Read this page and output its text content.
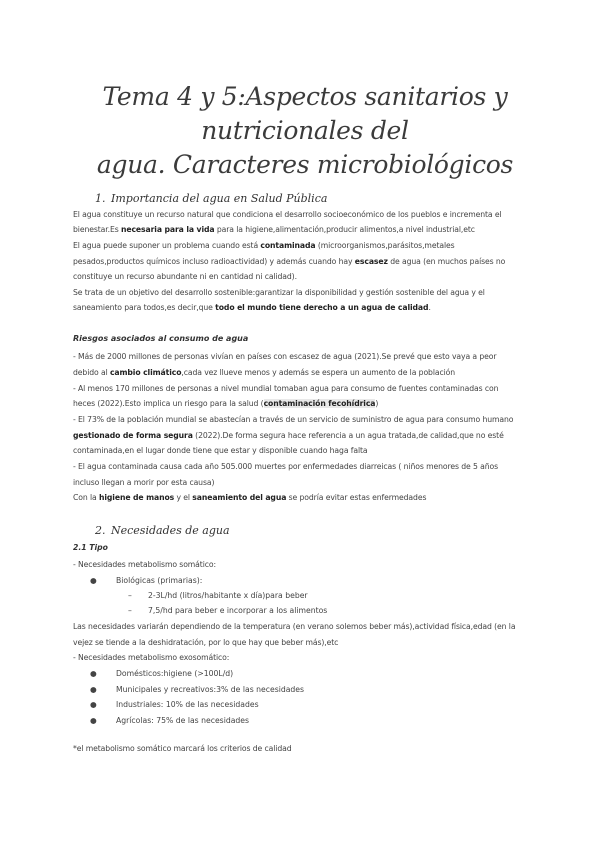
Tema 4 y 5:Aspectos sanitarios y nutricionales del
agua. Caracteres microbiológicos
1. Importancia del agua en Salud Pública
El agua constituye un recurso natural que condiciona el desarrollo socioeconómico de los pueblos e incrementa el
bienestar.Es necesaria para la vida para la higiene,alimentación,producir alimentos,a nivel industrial,etc
El agua puede suponer un problema cuando está contaminada (microorganismos,parásitos,metales
pesados,productos químicos incluso radioactividad) y además cuando hay escasez de agua (en muchos países no
constituye un recurso abundante ni en cantidad ni calidad).
Se trata de un objetivo del desarrollo sostenible:garantizar la disponibilidad y gestión sostenible del agua y el
saneamiento para todos,es decir,que todo el mundo tiene derecho a un agua de calidad.
Riesgos asociados al consumo de agua
- Más de 2000 millones de personas vivían en países con escasez de agua (2021).Se prevé que esto vaya a peor
debido al cambio climático,cada vez llueve menos y además se espera un aumento de la población
- Al menos 170 millones de personas a nivel mundial tomaban agua para consumo de fuentes contaminadas con
heces (2022).Esto implica un riesgo para la salud (contaminación fecohídrica)
- El 73% de la población mundial se abastecían a través de un servicio de suministro de agua para consumo humano
gestionado de forma segura (2022).De forma segura hace referencia a un agua tratada,de calidad,que no esté
contaminada,en el lugar donde tiene que estar y disponible cuando haga falta
- El agua contaminada causa cada año 505.000 muertes por enfermedades diarreicas ( niños menores de 5 años
incluso llegan a morir por esta causa)
Con la higiene de manos y el saneamiento del agua se podría evitar estas enfermedades
2. Necesidades de agua
2.1 Tipo
- Necesidades metabolismo somático:
●	Biológicas (primarias):
– 2-3L/hd (litros/habitante x día)para beber
– 7,5/hd para beber e incorporar a los alimentos
Las necesidades variarán dependiendo de la temperatura (en verano solemos beber más),actividad física,edad (en la
vejez se tiende a la deshidratación, por lo que hay que beber más),etc
- Necesidades metabolismo exosomático:
●	Domésticos:higiene (>100L/d)
●	Municipales y recreativos:3% de las necesidades
●	Industriales: 10% de las necesidades
●	Agrícolas: 75% de las necesidades
*el metabolismo somático marcará los criterios de calidad
